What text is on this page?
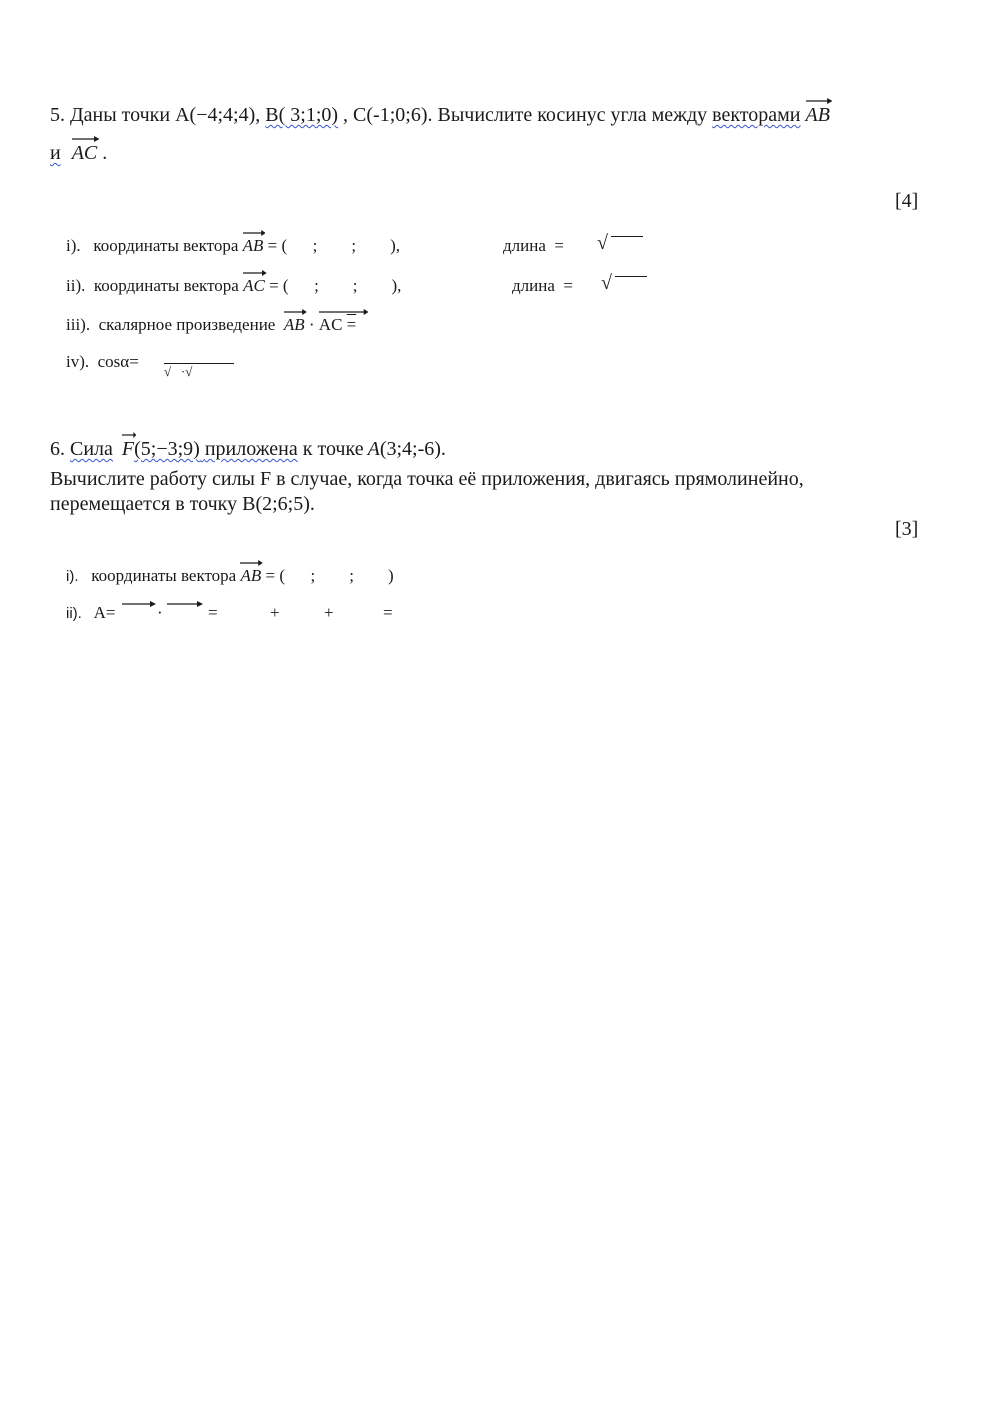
5. Даны точки A(−4;4;4), B( 3;1;0) , C(-1;0;6). Вычислите косинус угла между векторами AB
и AC .
[4]
i). координаты вектора AB = (      ;        ;        ),	длина  = √
ii). координаты вектора AC = (      ;        ;        ),	длина  = √
iii). скалярное произведение AB · AC =
iv). cosα=
√   ·√
6. Сила F(5;−3;9) приложена к точке A(3;4;-6).
Вычислите работу силы F в случае, когда точка её приложения, двигаясь прямолинейно,
перемещается в точку B(2;6;5).
[3]
i). координаты вектора AB = (      ;        ;        )
ii). A= ·	=	+	+	=
